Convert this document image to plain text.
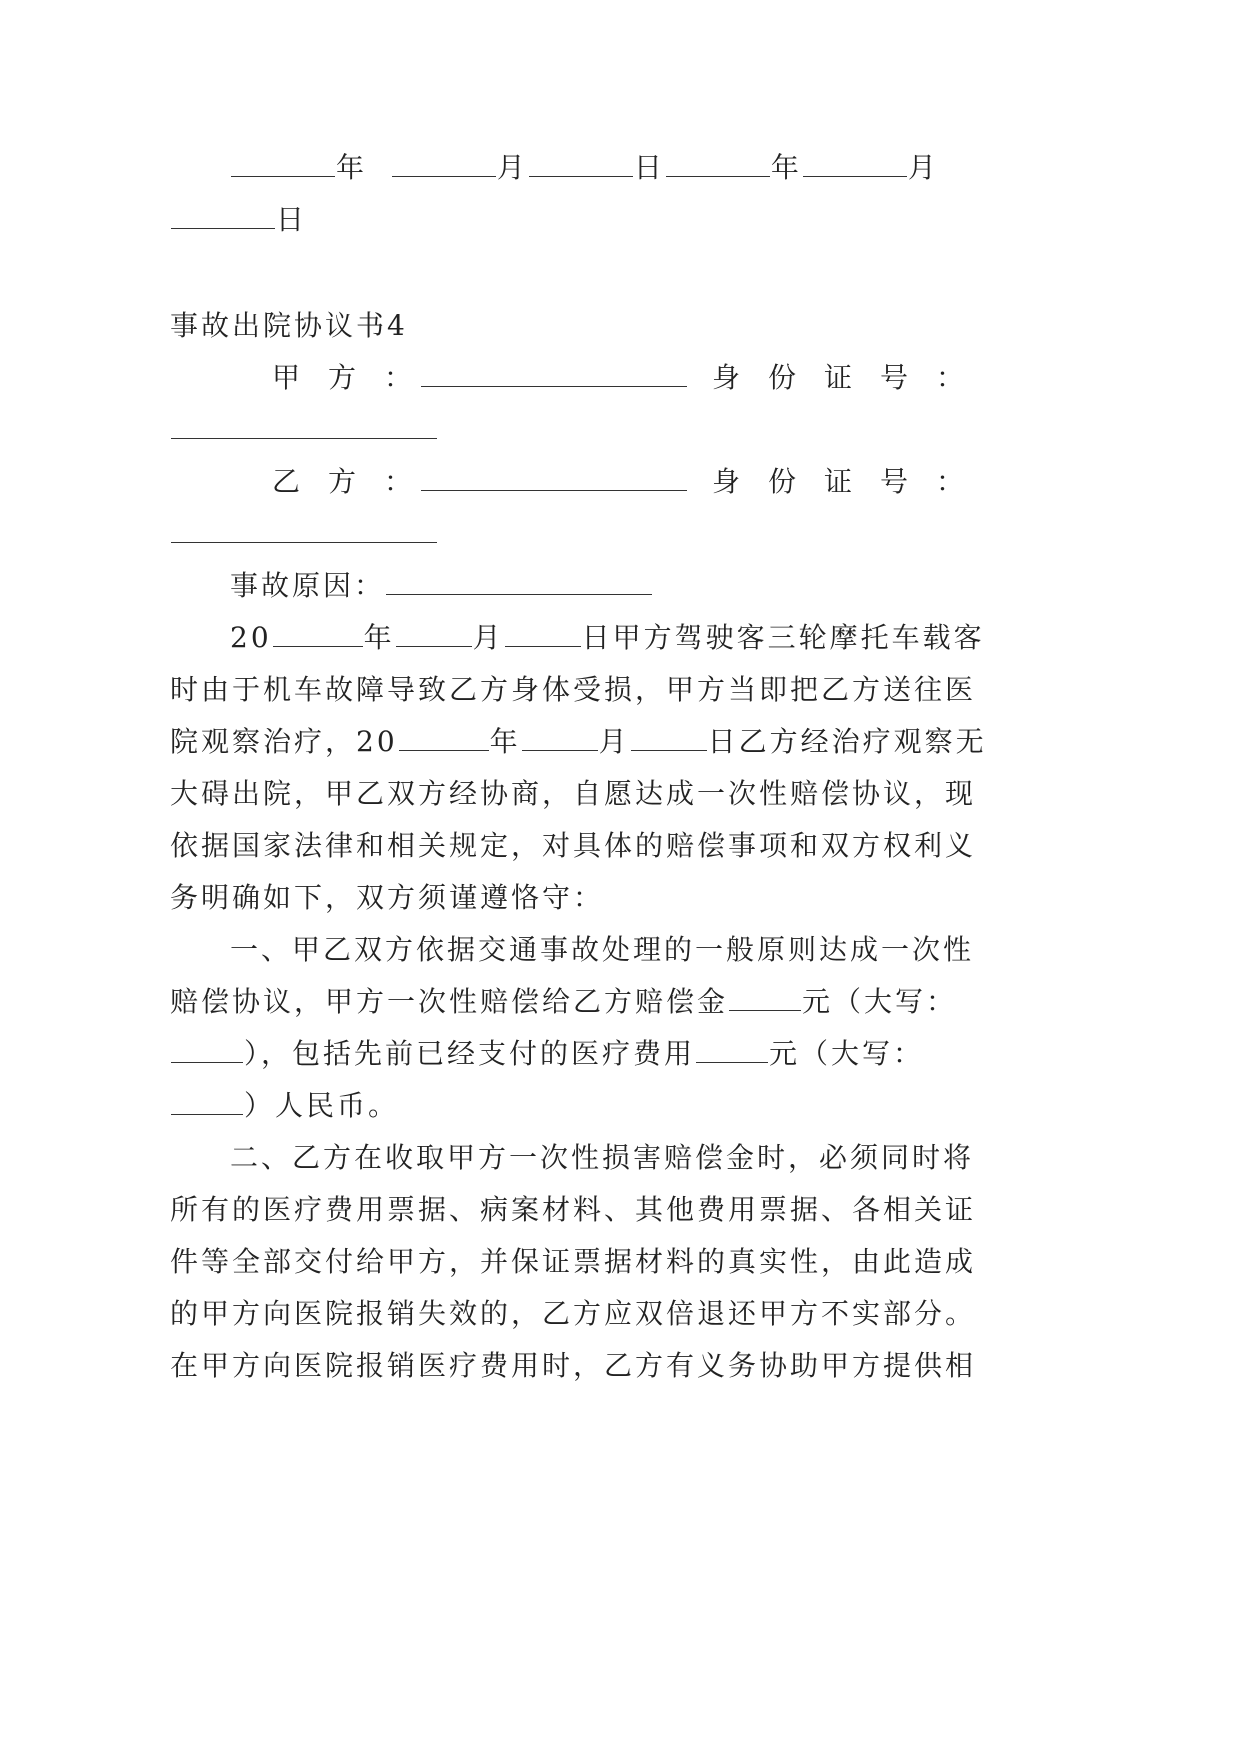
年	月	日	年	月
日
事故出院协议书4
甲方：	身份证号：
乙方：	身份证号：
事故原因：
20	年	月	日甲方驾驶客三轮摩托车载客
时由于机车故障导致乙方身体受损，甲方当即把乙方送往医
院观察治疗，20	年	月	日乙方经治疗观察无
大碍出院，甲乙双方经协商，自愿达成一次性赔偿协议，现
依据国家法律和相关规定，对具体的赔偿事项和双方权利义
务明确如下，双方须谨遵恪守：
一、甲乙双方依据交通事故处理的一般原则达成一次性
赔偿协议，甲方一次性赔偿给乙方赔偿金	元（大写：
），包括先前已经支付的医疗费用	元（大写：
）人民币。
二、乙方在收取甲方一次性损害赔偿金时，必须同时将
所有的医疗费用票据、病案材料、其他费用票据、各相关证
件等全部交付给甲方，并保证票据材料的真实性，由此造成
的甲方向医院报销失效的，乙方应双倍退还甲方不实部分。
在甲方向医院报销医疗费用时，乙方有义务协助甲方提供相
